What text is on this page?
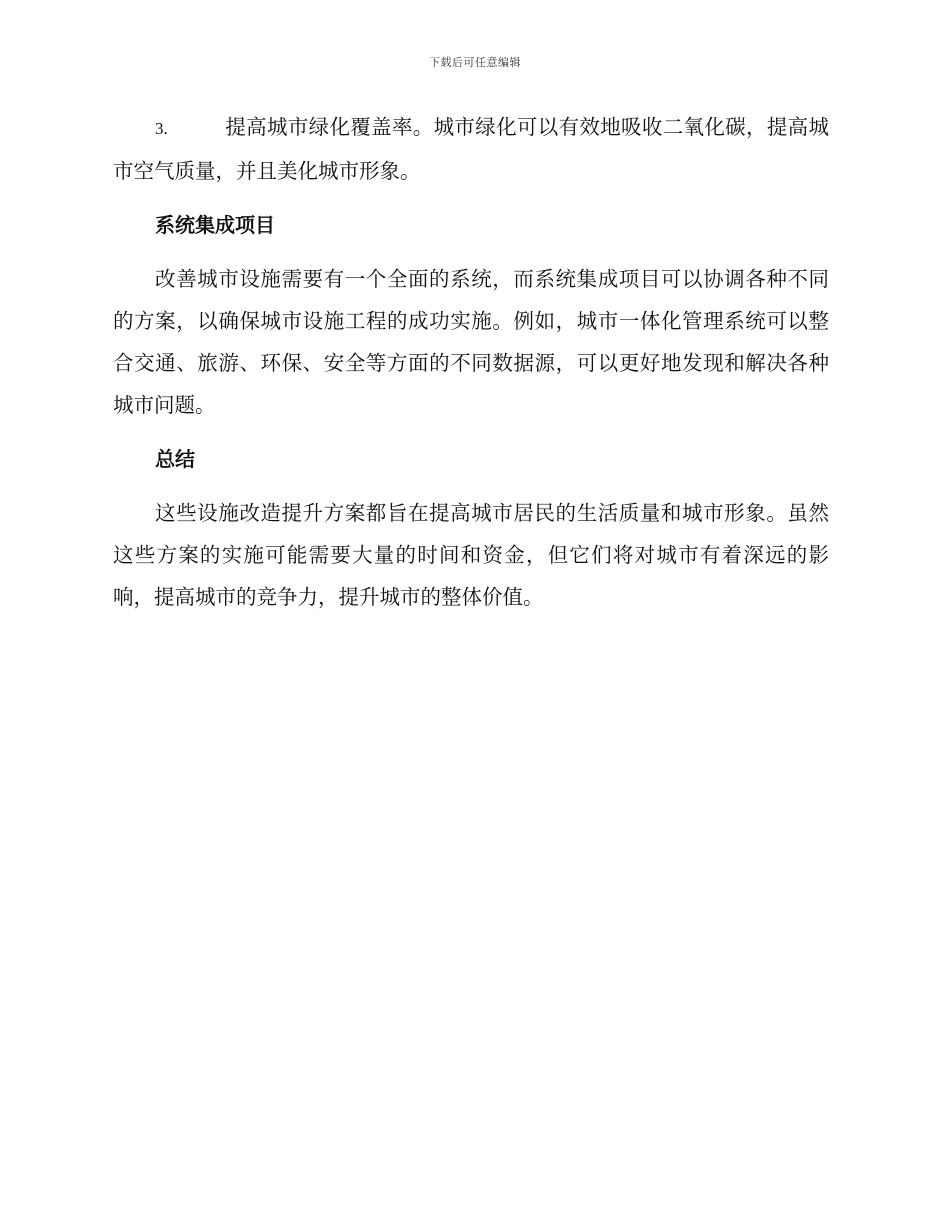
下载后可任意编辑

3.	提高城市绿化覆盖率。城市绿化可以有效地吸收二氧化碳，提高城市空气质量，并且美化城市形象。

系统集成项目

改善城市设施需要有一个全面的系统，而系统集成项目可以协调各种不同的方案，以确保城市设施工程的成功实施。例如，城市一体化管理系统可以整合交通、旅游、环保、安全等方面的不同数据源，可以更好地发现和解决各种城市问题。

总结

这些设施改造提升方案都旨在提高城市居民的生活质量和城市形象。虽然这些方案的实施可能需要大量的时间和资金，但它们将对城市有着深远的影响，提高城市的竞争力，提升城市的整体价值。
